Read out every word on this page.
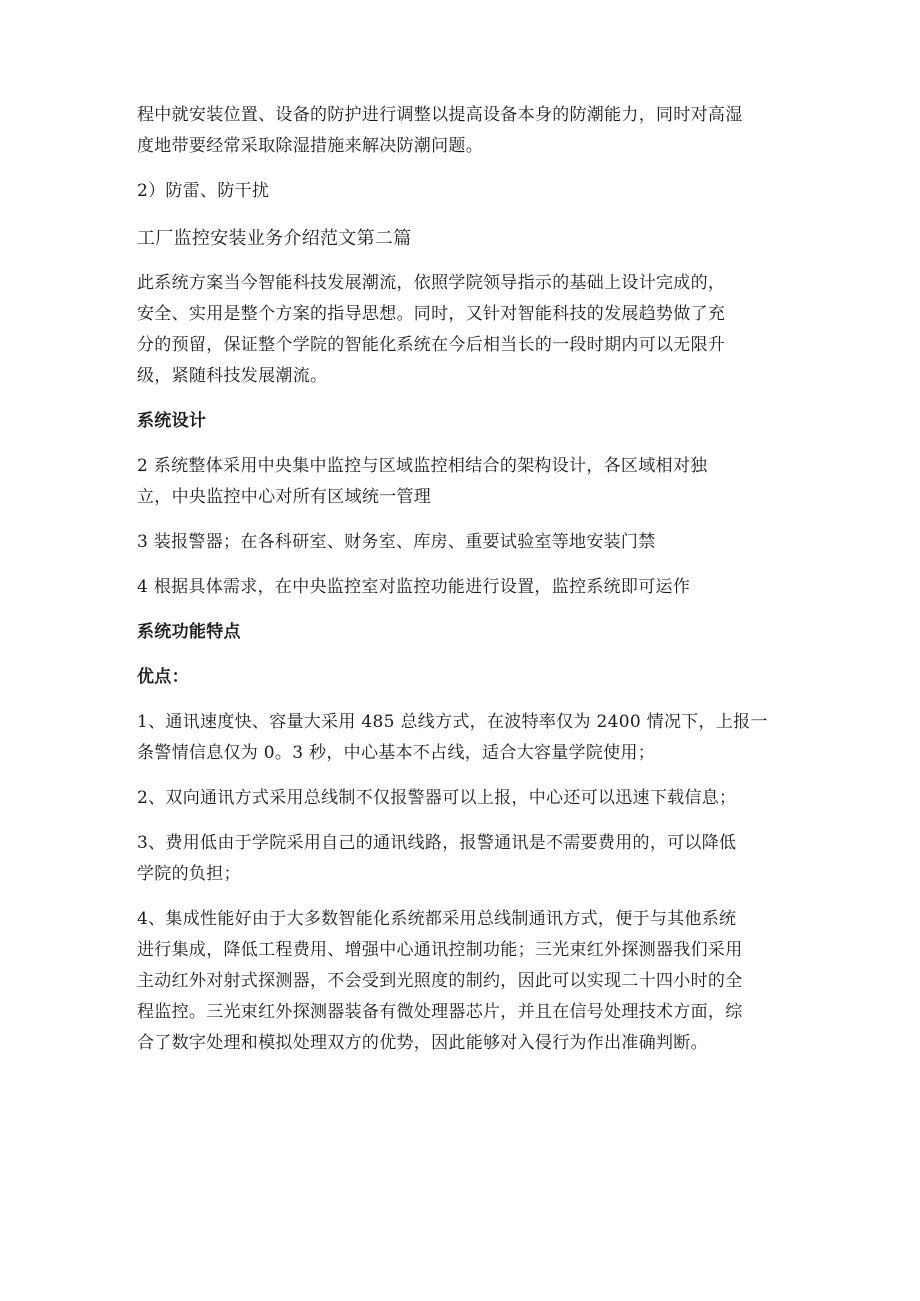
程中就安装位置、设备的防护进行调整以提高设备本身的防潮能力，同时对高湿

度地带要经常采取除湿措施来解决防潮问题。

2）防雷、防干扰

工厂监控安装业务介绍范文第二篇

此系统方案当今智能科技发展潮流，依照学院领导指示的基础上设计完成的，

安全、实用是整个方案的指导思想。同时，又针对智能科技的发展趋势做了充

分的预留，保证整个学院的智能化系统在今后相当长的一段时期内可以无限升

级，紧随科技发展潮流。

系统设计

2 系统整体采用中央集中监控与区域监控相结合的架构设计，各区域相对独

立，中央监控中心对所有区域统一管理

3 装报警器；在各科研室、财务室、库房、重要试验室等地安装门禁

4 根据具体需求，在中央监控室对监控功能进行设置，监控系统即可运作

系统功能特点

优点：

1、通讯速度快、容量大采用 485 总线方式，在波特率仅为 2400 情况下，上报一

条警情信息仅为 0。3 秒，中心基本不占线，适合大容量学院使用；

2、双向通讯方式采用总线制不仅报警器可以上报，中心还可以迅速下载信息；

3、费用低由于学院采用自己的通讯线路，报警通讯是不需要费用的，可以降低

学院的负担；

4、集成性能好由于大多数智能化系统都采用总线制通讯方式，便于与其他系统

进行集成，降低工程费用、增强中心通讯控制功能；三光束红外探测器我们采用

主动红外对射式探测器，不会受到光照度的制约，因此可以实现二十四小时的全

程监控。三光束红外探测器装备有微处理器芯片，并且在信号处理技术方面，综

合了数字处理和模拟处理双方的优势，因此能够对入侵行为作出准确判断。
